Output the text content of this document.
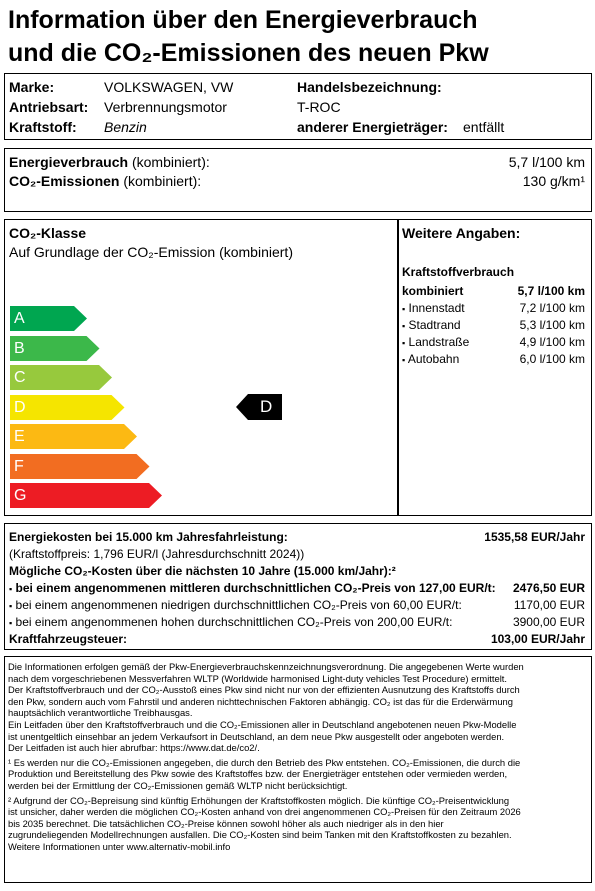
Information über den Energieverbrauch
und die CO₂-Emissionen des neuen Pkw
Marke:	VOLKSWAGEN, VW
Antriebsart: Verbrennungsmotor
Kraftstoff: Benzin
Handelsbezeichnung:
T-ROC
anderer Energieträger: entfällt
Energieverbrauch (kombiniert):	5,7 l/100 km
CO₂-Emissionen (kombiniert):	130 g/km¹
CO₂-Klasse
Auf Grundlage der CO₂-Emission (kombiniert)
A
B
C
D
E
F
G
D
Weitere Angaben:
Kraftstoffverbrauch
kombiniert	5,7 l/100 km
▪ Innenstadt	7,2 l/100 km
▪ Stadtrand	5,3 l/100 km
▪ Landstraße	4,9 l/100 km
▪ Autobahn	6,0 l/100 km
Energiekosten bei 15.000 km Jahresfahrleistung:	1535,58 EUR/Jahr
(Kraftstoffpreis: 1,796 EUR/l (Jahresdurchschnitt 2024))
Mögliche CO₂-Kosten über die nächsten 10 Jahre (15.000 km/Jahr):²
▪ bei einem angenommenen mittleren durchschnittlichen CO₂-Preis von 127,00 EUR/t: 2476,50 EUR
▪ bei einem angenommenen niedrigen durchschnittlichen CO₂-Preis von 60,00 EUR/t:	1170,00 EUR
▪ bei einem angenommenen hohen durchschnittlichen CO₂-Preis von 200,00 EUR/t:	3900,00 EUR
Kraftfahrzeugsteuer:	103,00 EUR/Jahr
Die Informationen erfolgen gemäß der Pkw-Energieverbrauchskennzeichnungsverordnung. Die angegebenen Werte wurden
nach dem vorgeschriebenen Messverfahren WLTP (Worldwide harmonised Light-duty vehicles Test Procedure) ermittelt.
Der Kraftstoffverbrauch und der CO₂-Ausstoß eines Pkw sind nicht nur von der effizienten Ausnutzung des Kraftstoffs durch
den Pkw, sondern auch vom Fahrstil und anderen nichttechnischen Faktoren abhängig. CO₂ ist das für die Erderwärmung
hauptsächlich verantwortliche Treibhausgas.
Ein Leitfaden über den Kraftstoffverbrauch und die CO₂-Emissionen aller in Deutschland angebotenen neuen Pkw-Modelle
ist unentgeltlich einsehbar an jedem Verkaufsort in Deutschland, an dem neue Pkw ausgestellt oder angeboten werden.
Der Leitfaden ist auch hier abrufbar: https://www.dat.de/co2/.
¹ Es werden nur die CO₂-Emissionen angegeben, die durch den Betrieb des Pkw entstehen. CO₂-Emissionen, die durch die
Produktion und Bereitstellung des Pkw sowie des Kraftstoffes bzw. der Energieträger entstehen oder vermieden werden,
werden bei der Ermittlung der CO₂-Emissionen gemäß WLTP nicht berücksichtigt.
² Aufgrund der CO₂-Bepreisung sind künftig Erhöhungen der Kraftstoffkosten möglich. Die künftige CO₂-Preisentwicklung
ist unsicher, daher werden die möglichen CO₂-Kosten anhand von drei angenommenen CO₂-Preisen für den Zeitraum 2026
bis 2035 berechnet. Die tatsächlichen CO₂-Preise können sowohl höher als auch niedriger als in den hier
zugrundeliegenden Modellrechnungen ausfallen. Die CO₂-Kosten sind beim Tanken mit den Kraftstoffkosten zu bezahlen.
Weitere Informationen unter www.alternativ-mobil.info
